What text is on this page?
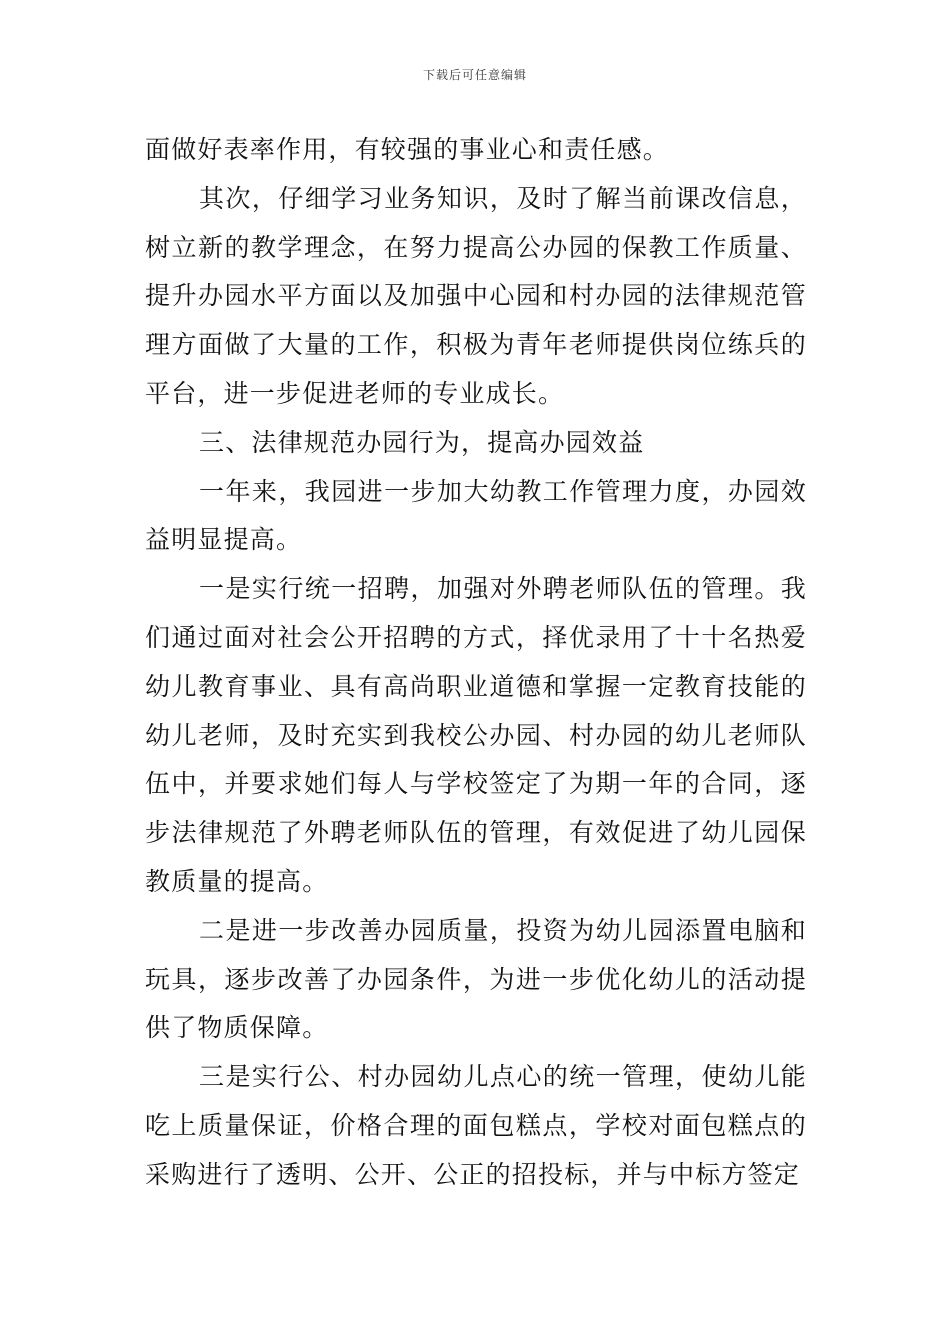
下载后可任意编辑

面做好表率作用，有较强的事业心和责任感。

其次，仔细学习业务知识，及时了解当前课改信息，树立新的教学理念，在努力提高公办园的保教工作质量、提升办园水平方面以及加强中心园和村办园的法律规范管理方面做了大量的工作，积极为青年老师提供岗位练兵的平台，进一步促进老师的专业成长。

三、法律规范办园行为，提高办园效益

一年来，我园进一步加大幼教工作管理力度，办园效益明显提高。

一是实行统一招聘，加强对外聘老师队伍的管理。我们通过面对社会公开招聘的方式，择优录用了十十名热爱幼儿教育事业、具有高尚职业道德和掌握一定教育技能的幼儿老师，及时充实到我校公办园、村办园的幼儿老师队伍中，并要求她们每人与学校签定了为期一年的合同，逐步法律规范了外聘老师队伍的管理，有效促进了幼儿园保教质量的提高。

二是进一步改善办园质量，投资为幼儿园添置电脑和玩具，逐步改善了办园条件，为进一步优化幼儿的活动提供了物质保障。

三是实行公、村办园幼儿点心的统一管理，使幼儿能吃上质量保证，价格合理的面包糕点，学校对面包糕点的采购进行了透明、公开、公正的招投标，并与中标方签定
